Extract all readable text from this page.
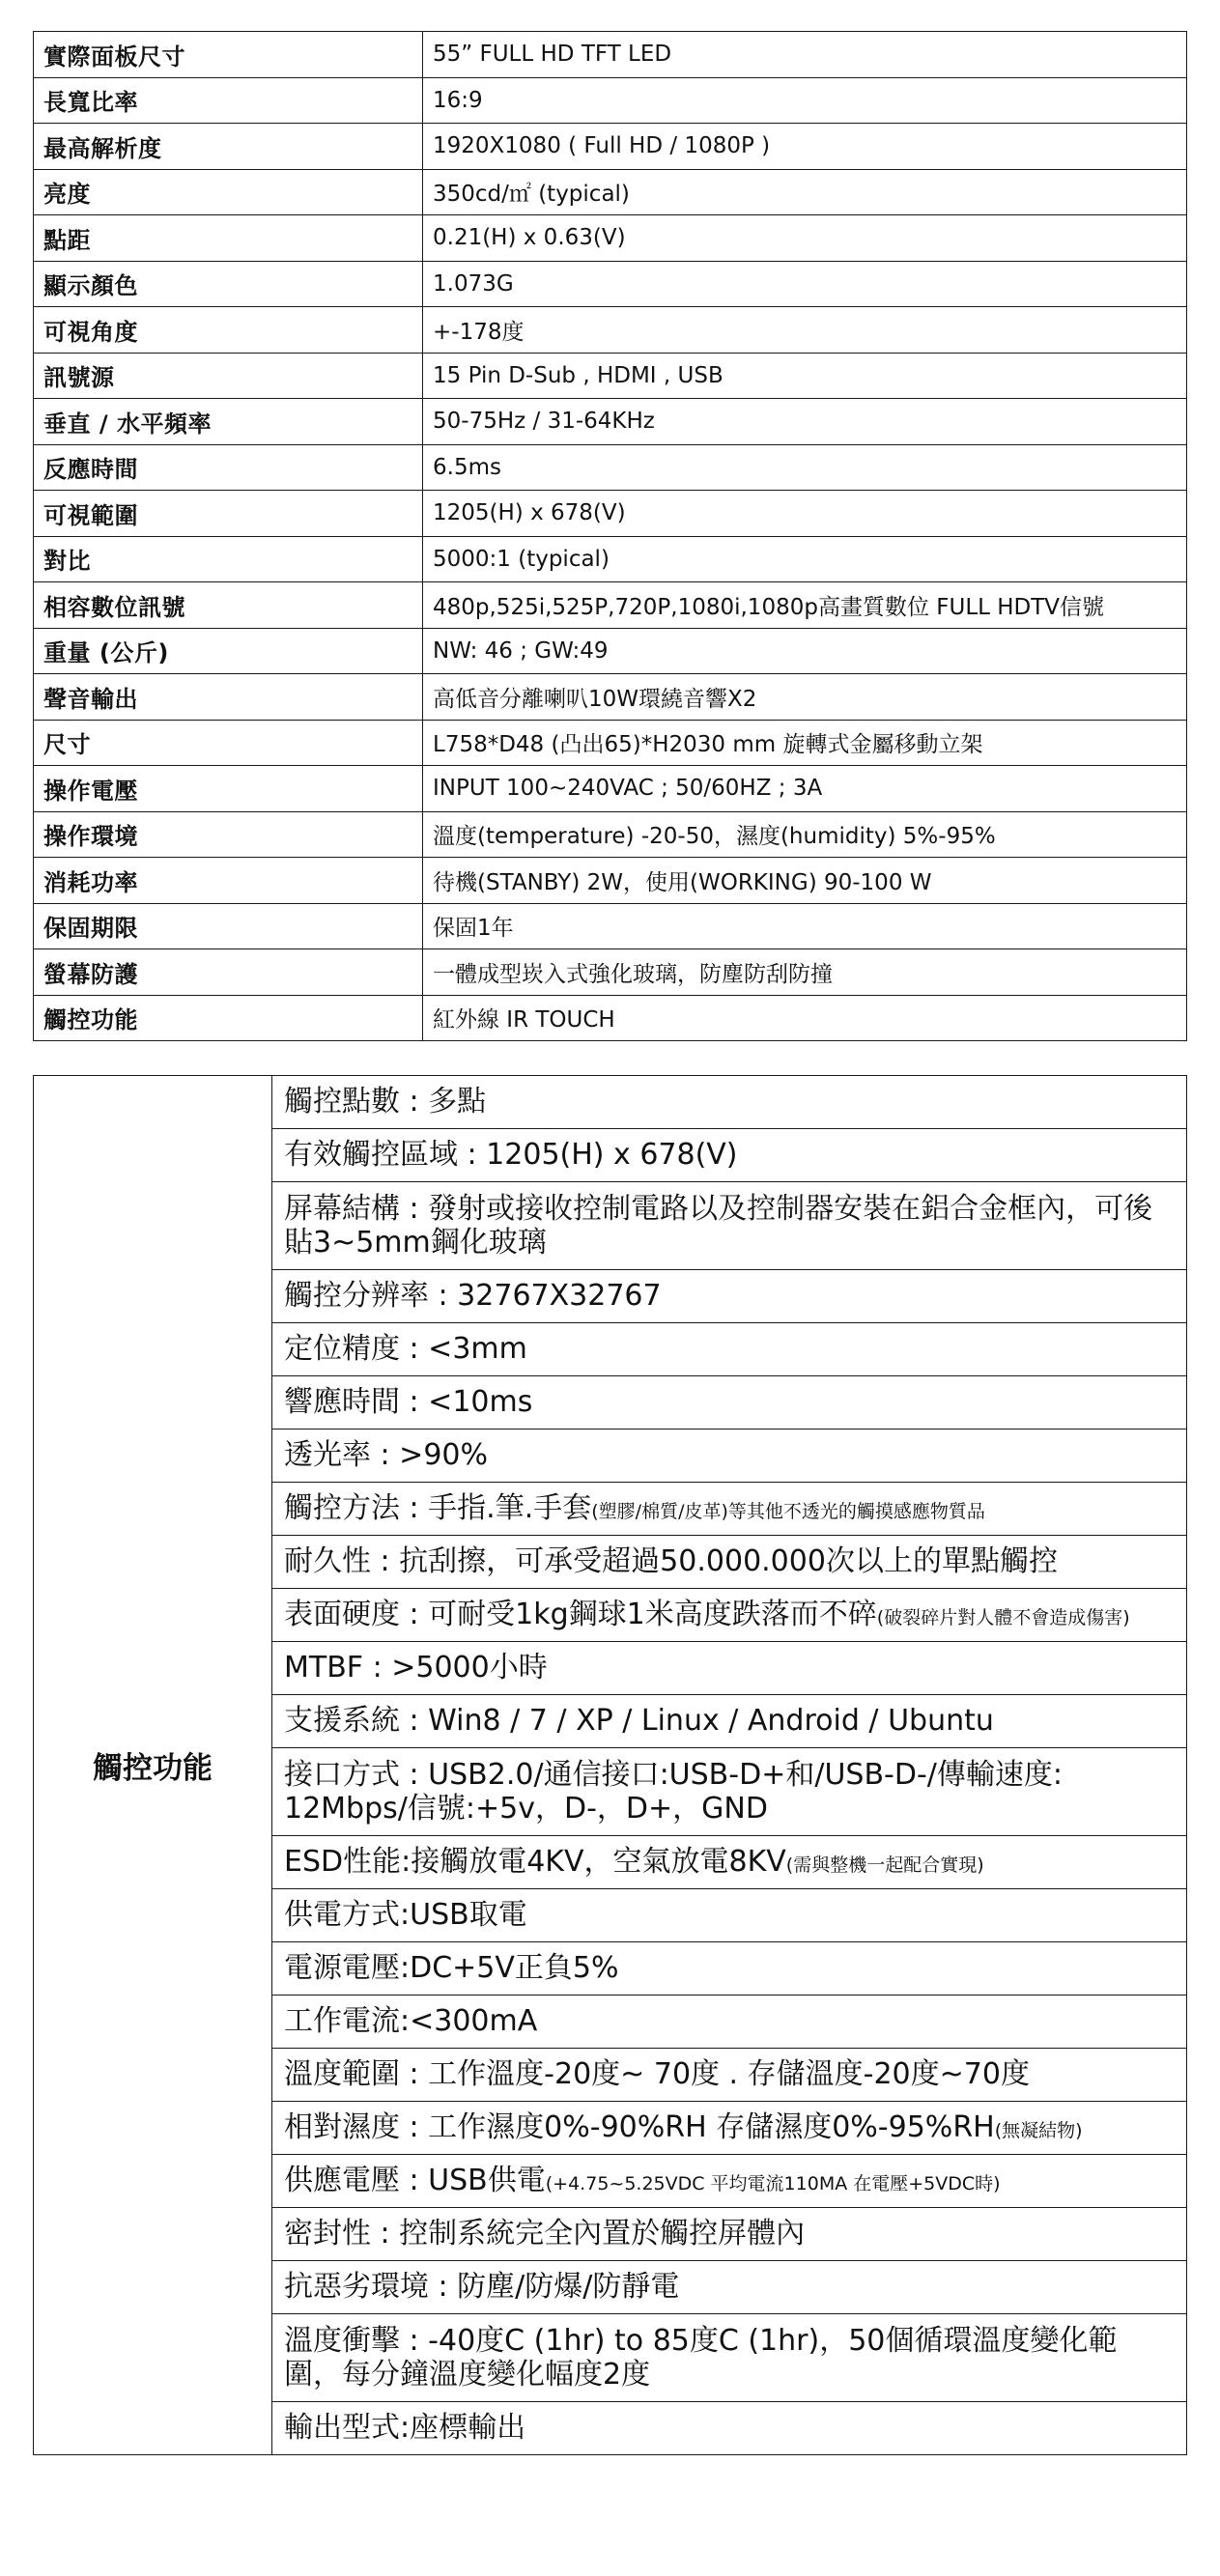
實際面板尺寸	55” FULL HD TFT LED
長寬比率	16:9
最高解析度	1920X1080 ( Full HD / 1080P )
亮度	350cd/㎡ (typical)
點距	0.21(H) x 0.63(V)
顯示顏色	1.073G
可視角度	+-178度
訊號源	15 Pin D-Sub , HDMI , USB
垂直 / 水平頻率	50-75Hz / 31-64KHz
反應時間	6.5ms
可視範圍	1205(H) x 678(V)
對比	5000:1 (typical)
相容數位訊號	480p,525i,525P,720P,1080i,1080p高畫質數位 FULL HDTV信號
重量 (公斤)	NW: 46 ; GW:49
聲音輸出	高低音分離喇叭10W環繞音響X2
尺寸	L758*D48 (凸出65)*H2030 mm 旋轉式金屬移動立架
操作電壓	INPUT 100~240VAC ; 50/60HZ ; 3A
操作環境	溫度(temperature) -20-50，濕度(humidity) 5%-95%
消耗功率	待機(STANBY) 2W，使用(WORKING) 90-100 W
保固期限	保固1年
螢幕防護	一體成型崁入式強化玻璃，防塵防刮防撞
觸控功能	紅外線 IR TOUCH
觸控功能	觸控點數 : 多點
有效觸控區域 : 1205(H) x 678(V)
屏幕結構 : 發射或接收控制電路以及控制器安裝在鋁合金框內，可後貼3~5mm鋼化玻璃
觸控分辨率 : 32767X32767
定位精度 : <3mm
響應時間 : <10ms
透光率 : >90%
觸控方法 : 手指.筆.手套(塑膠/棉質/皮革)等其他不透光的觸摸感應物質品
耐久性 : 抗刮擦，可承受超過50.000.000次以上的單點觸控
表面硬度 : 可耐受1kg鋼球1米高度跌落而不碎(破裂碎片對人體不會造成傷害)
MTBF : >5000小時
支援系統 : Win8 / 7 / XP / Linux / Android / Ubuntu
接口方式 : USB2.0/通信接口:USB-D+和/USB-D-/傳輸速度: 12Mbps/信號:+5v，D-，D+，GND
ESD性能:接觸放電4KV，空氣放電8KV(需與整機一起配合實現)
供電方式:USB取電
電源電壓:DC+5V正負5%
工作電流:<300mA
溫度範圍 : 工作溫度-20度~ 70度 . 存儲溫度-20度~70度
相對濕度 : 工作濕度0%-90%RH 存儲濕度0%-95%RH(無凝結物)
供應電壓 : USB供電(+4.75~5.25VDC 平均電流110MA 在電壓+5VDC時)
密封性 : 控制系統完全內置於觸控屏體內
抗惡劣環境 : 防塵/防爆/防靜電
溫度衝擊 : -40度C (1hr) to 85度C (1hr)，50個循環溫度變化範圍，每分鐘溫度變化幅度2度
輸出型式:座標輸出
